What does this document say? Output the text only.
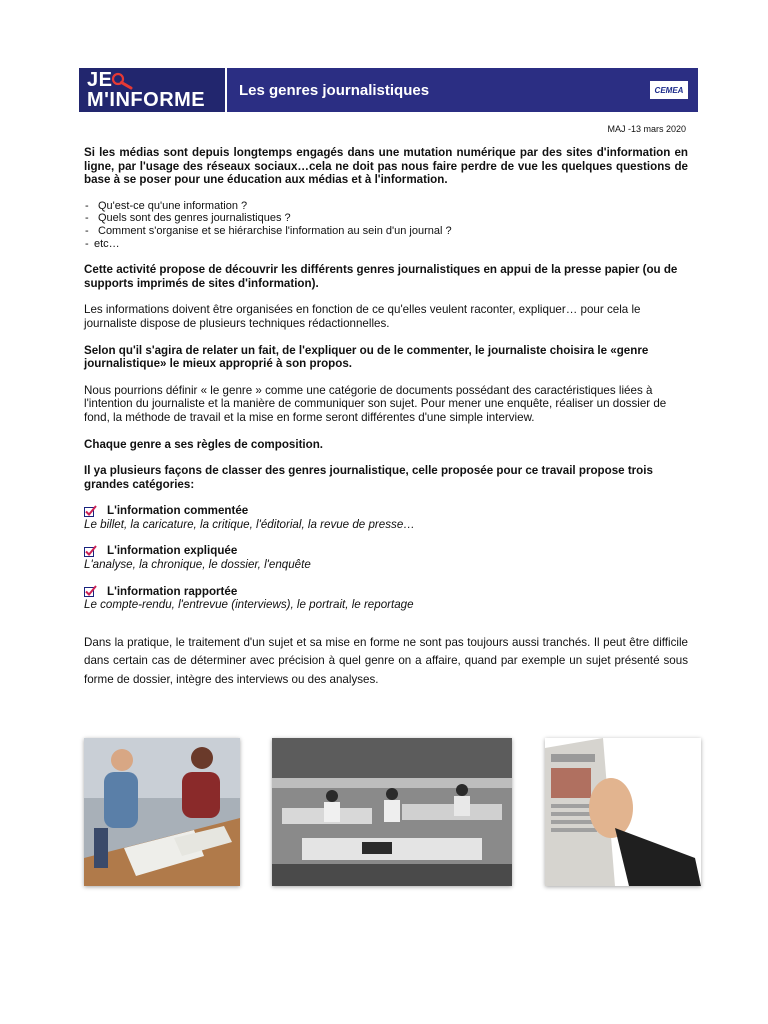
JE
M'INFORME Les genres journalistiques	CEMEA
MAJ -13 mars 2020

Si les médias sont depuis longtemps engagés dans une mutation numérique par des sites d'information en ligne, par l'usage des réseaux sociaux…cela ne doit pas nous faire perdre de vue les quelques questions de base à se poser pour une éducation aux médias et à l'information.

- Qu'est-ce qu'une information ?
- Quels sont des genres journalistiques ?
- Comment s'organise et se hiérarchise l'information au sein d'un journal ?
- etc…

Cette activité propose de découvrir les différents genres journalistiques en appui de la presse papier (ou de supports imprimés de sites d'information).

Les informations doivent être organisées en fonction de ce qu'elles veulent raconter, expliquer… pour cela le journaliste dispose de plusieurs techniques rédactionnelles.

Selon qu'il s'agira de relater un fait, de l'expliquer ou de le commenter, le journaliste choisira le «genre journalistique» le mieux approprié à son propos.

Nous pourrions définir « le genre » comme une catégorie de documents possédant des caractéristiques liées à l'intention du journaliste et la manière de communiquer son sujet. Pour mener une enquête, réaliser un dossier de fond, la méthode de travail et la mise en forme seront différentes d'une simple interview.

Chaque genre a ses règles de composition.

Il ya plusieurs façons de classer des genres journalistique, celle proposée pour ce travail propose trois grandes catégories:

L'information commentée
Le billet, la caricature, la critique, l'éditorial, la revue de presse…
L'information expliquée
L'analyse, la chronique, le dossier, l'enquête
L'information rapportée
Le compte-rendu, l'entrevue (interviews), le portrait, le reportage

Dans la pratique, le traitement d'un sujet et sa mise en forme ne sont pas toujours aussi tranchés. Il peut être difficile dans certain cas de déterminer avec précision à quel genre on a affaire, quand par exemple un sujet présenté sous forme de dossier, intègre des interviews ou des analyses.
